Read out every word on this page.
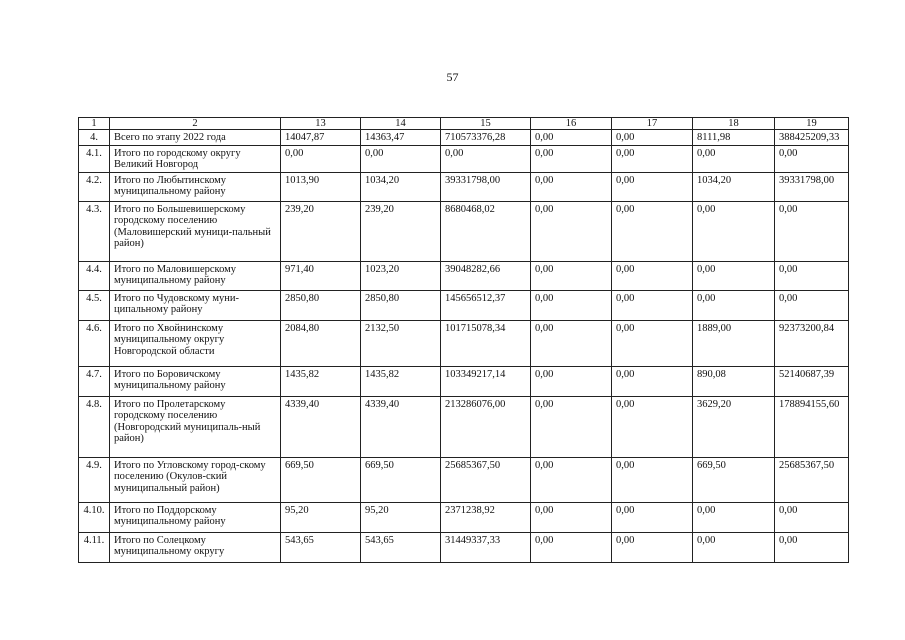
57
1	2	13	14	15	16	17	18	19
4.	Всего по этапу 2022 года	14047,87	14363,47	710573376,28	0,00	0,00	8111,98	388425209,33
4.1.	Итого по городскому округу Великий Новгород	0,00	0,00	0,00	0,00	0,00	0,00	0,00
4.2.	Итого по Любытинскому муниципальному району	1013,90	1034,20	39331798,00	0,00	0,00	1034,20	39331798,00
4.3.	Итого по Большевишерскому городскому поселению (Маловишерский муници-пальный район)	239,20	239,20	8680468,02	0,00	0,00	0,00	0,00
4.4.	Итого по Маловишерскому муниципальному району	971,40	1023,20	39048282,66	0,00	0,00	0,00	0,00
4.5.	Итого по Чудовскому муни-ципальному району	2850,80	2850,80	145656512,37	0,00	0,00	0,00	0,00
4.6.	Итого по Хвойнинскому муниципальному округу Новгородской области	2084,80	2132,50	101715078,34	0,00	0,00	1889,00	92373200,84
4.7.	Итого по Боровичскому муниципальному району	1435,82	1435,82	103349217,14	0,00	0,00	890,08	52140687,39
4.8.	Итого по Пролетарскому городскому поселению (Новгородский муниципаль-ный район)	4339,40	4339,40	213286076,00	0,00	0,00	3629,20	178894155,60
4.9.	Итого по Угловскому город-скому поселению (Окулов-ский муниципальный район)	669,50	669,50	25685367,50	0,00	0,00	669,50	25685367,50
4.10.	Итого по Поддорскому муниципальному району	95,20	95,20	2371238,92	0,00	0,00	0,00	0,00
4.11.	Итого по Солецкому муниципальному округу	543,65	543,65	31449337,33	0,00	0,00	0,00	0,00
